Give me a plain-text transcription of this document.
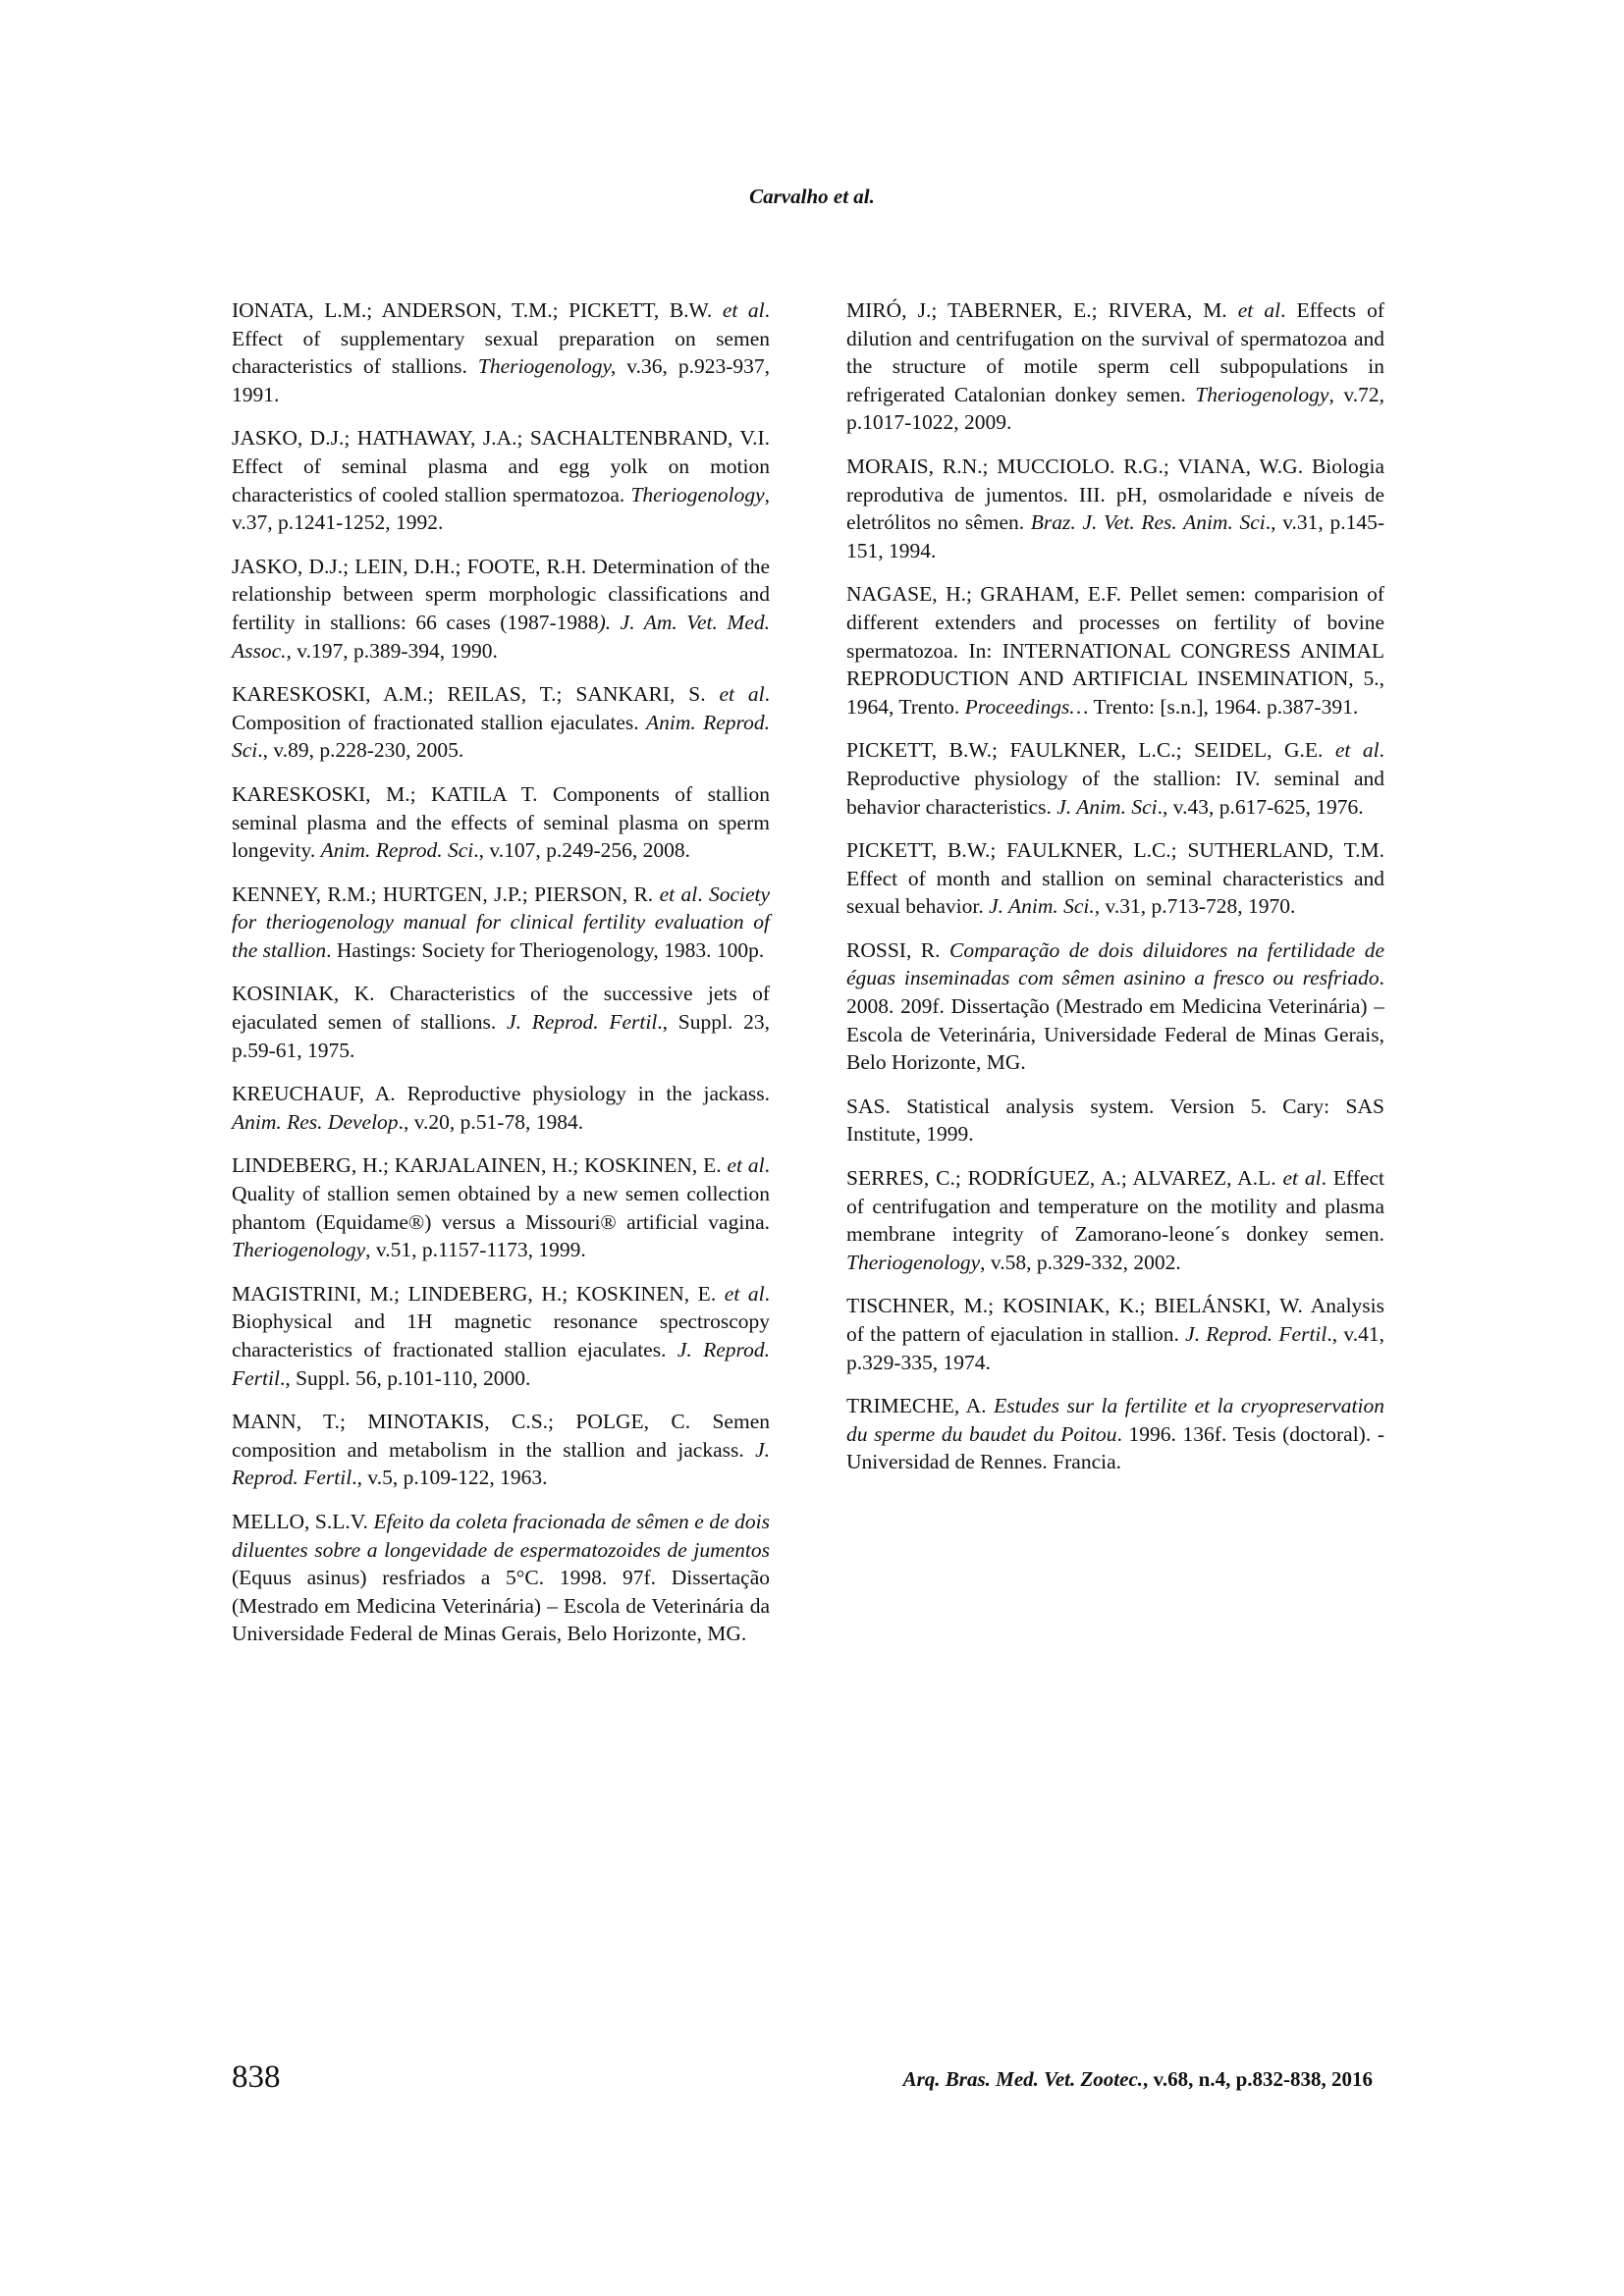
Carvalho et al.

IONATA, L.M.; ANDERSON, T.M.; PICKETT, B.W. et al. Effect of supplementary sexual preparation on semen characteristics of stallions. Theriogenology, v.36, p.923-937, 1991.

JASKO, D.J.; HATHAWAY, J.A.; SACHALTENBRAND, V.I. Effect of seminal plasma and egg yolk on motion characteristics of cooled stallion spermatozoa. Theriogenology, v.37, p.1241-1252, 1992.

JASKO, D.J.; LEIN, D.H.; FOOTE, R.H. Determination of the relationship between sperm morphologic classifications and fertility in stallions: 66 cases (1987-1988). J. Am. Vet. Med. Assoc., v.197, p.389-394, 1990.

KARESKOSKI, A.M.; REILAS, T.; SANKARI, S. et al. Composition of fractionated stallion ejaculates. Anim. Reprod. Sci., v.89, p.228-230, 2005.

KARESKOSKI, M.; KATILA T. Components of stallion seminal plasma and the effects of seminal plasma on sperm longevity. Anim. Reprod. Sci., v.107, p.249-256, 2008.

KENNEY, R.M.; HURTGEN, J.P.; PIERSON, R. et al. Society for theriogenology manual for clinical fertility evaluation of the stallion. Hastings: Society for Theriogenology, 1983. 100p.

KOSINIAK, K. Characteristics of the successive jets of ejaculated semen of stallions. J. Reprod. Fertil., Suppl. 23, p.59-61, 1975.

KREUCHAUF, A. Reproductive physiology in the jackass. Anim. Res. Develop., v.20, p.51-78, 1984.

LINDEBERG, H.; KARJALAINEN, H.; KOSKINEN, E. et al. Quality of stallion semen obtained by a new semen collection phantom (Equidame®) versus a Missouri® artificial vagina. Theriogenology, v.51, p.1157-1173, 1999.

MAGISTRINI, M.; LINDEBERG, H.; KOSKINEN, E. et al. Biophysical and 1H magnetic resonance spectroscopy characteristics of fractionated stallion ejaculates. J. Reprod. Fertil., Suppl. 56, p.101-110, 2000.

MANN, T.; MINOTAKIS, C.S.; POLGE, C. Semen composition and metabolism in the stallion and jackass. J. Reprod. Fertil., v.5, p.109-122, 1963.

MELLO, S.L.V. Efeito da coleta fracionada de sêmen e de dois diluentes sobre a longevidade de espermatozoides de jumentos (Equus asinus) resfriados a 5°C. 1998. 97f. Dissertação (Mestrado em Medicina Veterinária) – Escola de Veterinária da Universidade Federal de Minas Gerais, Belo Horizonte, MG.

MIRÓ, J.; TABERNER, E.; RIVERA, M. et al. Effects of dilution and centrifugation on the survival of spermatozoa and the structure of motile sperm cell subpopulations in refrigerated Catalonian donkey semen. Theriogenology, v.72, p.1017-1022, 2009.

MORAIS, R.N.; MUCCIOLO. R.G.; VIANA, W.G. Biologia reprodutiva de jumentos. III. pH, osmolaridade e níveis de eletrólitos no sêmen. Braz. J. Vet. Res. Anim. Sci., v.31, p.145-151, 1994.

NAGASE, H.; GRAHAM, E.F. Pellet semen: comparision of different extenders and processes on fertility of bovine spermatozoa. In: INTERNATIONAL CONGRESS ANIMAL REPRODUCTION AND ARTIFICIAL INSEMINATION, 5., 1964, Trento. Proceedings… Trento: [s.n.], 1964. p.387-391.

PICKETT, B.W.; FAULKNER, L.C.; SEIDEL, G.E. et al. Reproductive physiology of the stallion: IV. seminal and behavior characteristics. J. Anim. Sci., v.43, p.617-625, 1976.

PICKETT, B.W.; FAULKNER, L.C.; SUTHERLAND, T.M. Effect of month and stallion on seminal characteristics and sexual behavior. J. Anim. Sci., v.31, p.713-728, 1970.

ROSSI, R. Comparação de dois diluidores na fertilidade de éguas inseminadas com sêmen asinino a fresco ou resfriado. 2008. 209f. Dissertação (Mestrado em Medicina Veterinária) – Escola de Veterinária, Universidade Federal de Minas Gerais, Belo Horizonte, MG.

SAS. Statistical analysis system. Version 5. Cary: SAS Institute, 1999.

SERRES, C.; RODRÍGUEZ, A.; ALVAREZ, A.L. et al. Effect of centrifugation and temperature on the motility and plasma membrane integrity of Zamorano-leone´s donkey semen. Theriogenology, v.58, p.329-332, 2002.

TISCHNER, M.; KOSINIAK, K.; BIELÁNSKI, W. Analysis of the pattern of ejaculation in stallion. J. Reprod. Fertil., v.41, p.329-335, 1974.

TRIMECHE, A. Estudes sur la fertilite et la cryopreservation du sperme du baudet du Poitou. 1996. 136f. Tesis (doctoral). - Universidad de Rennes. Francia.

838	Arq. Bras. Med. Vet. Zootec., v.68, n.4, p.832-838, 2016
